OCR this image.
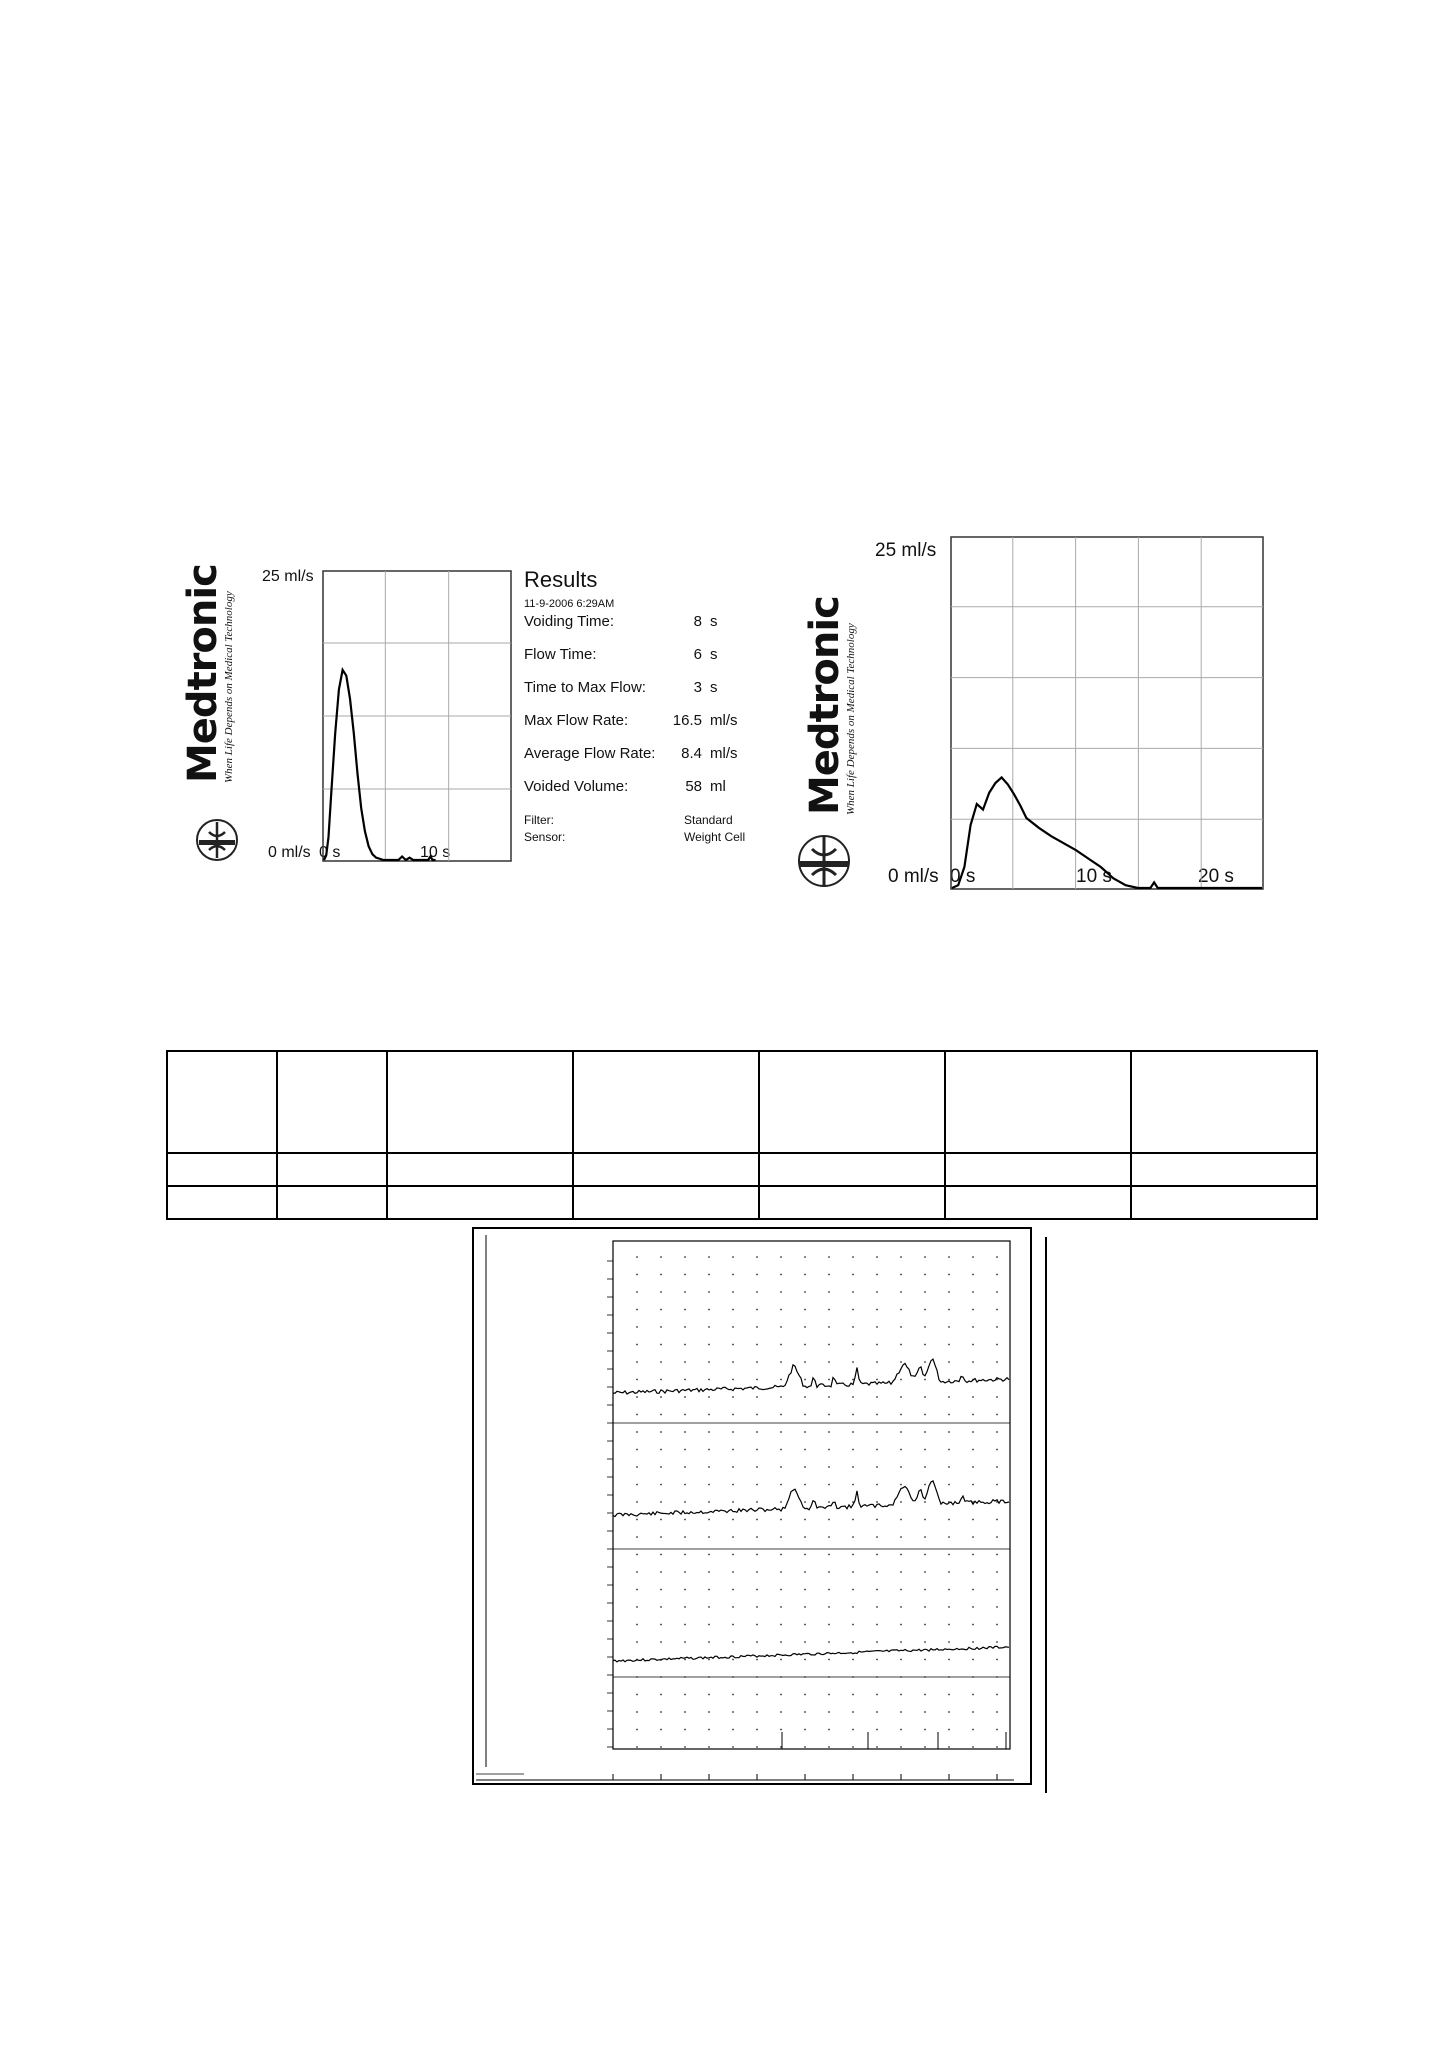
Medtronic
When Life Depends on Medical Technology
25 ml/s
0 ml/s 0 s	10 s
Results
11-9-2006 6:29AM
Voiding Time:	8 s
Flow Time:	6 s
Time to Max Flow:	3 s
Max Flow Rate:	16.5 ml/s
Average Flow Rate:	8.4 ml/s
Voided Volume:	58 ml
Filter:	Standard
Sensor:	Weight Cell
Medtronic
When Life Depends on Medical Technology
25 ml/s
0 ml/s 0 s	10 s	20 s
